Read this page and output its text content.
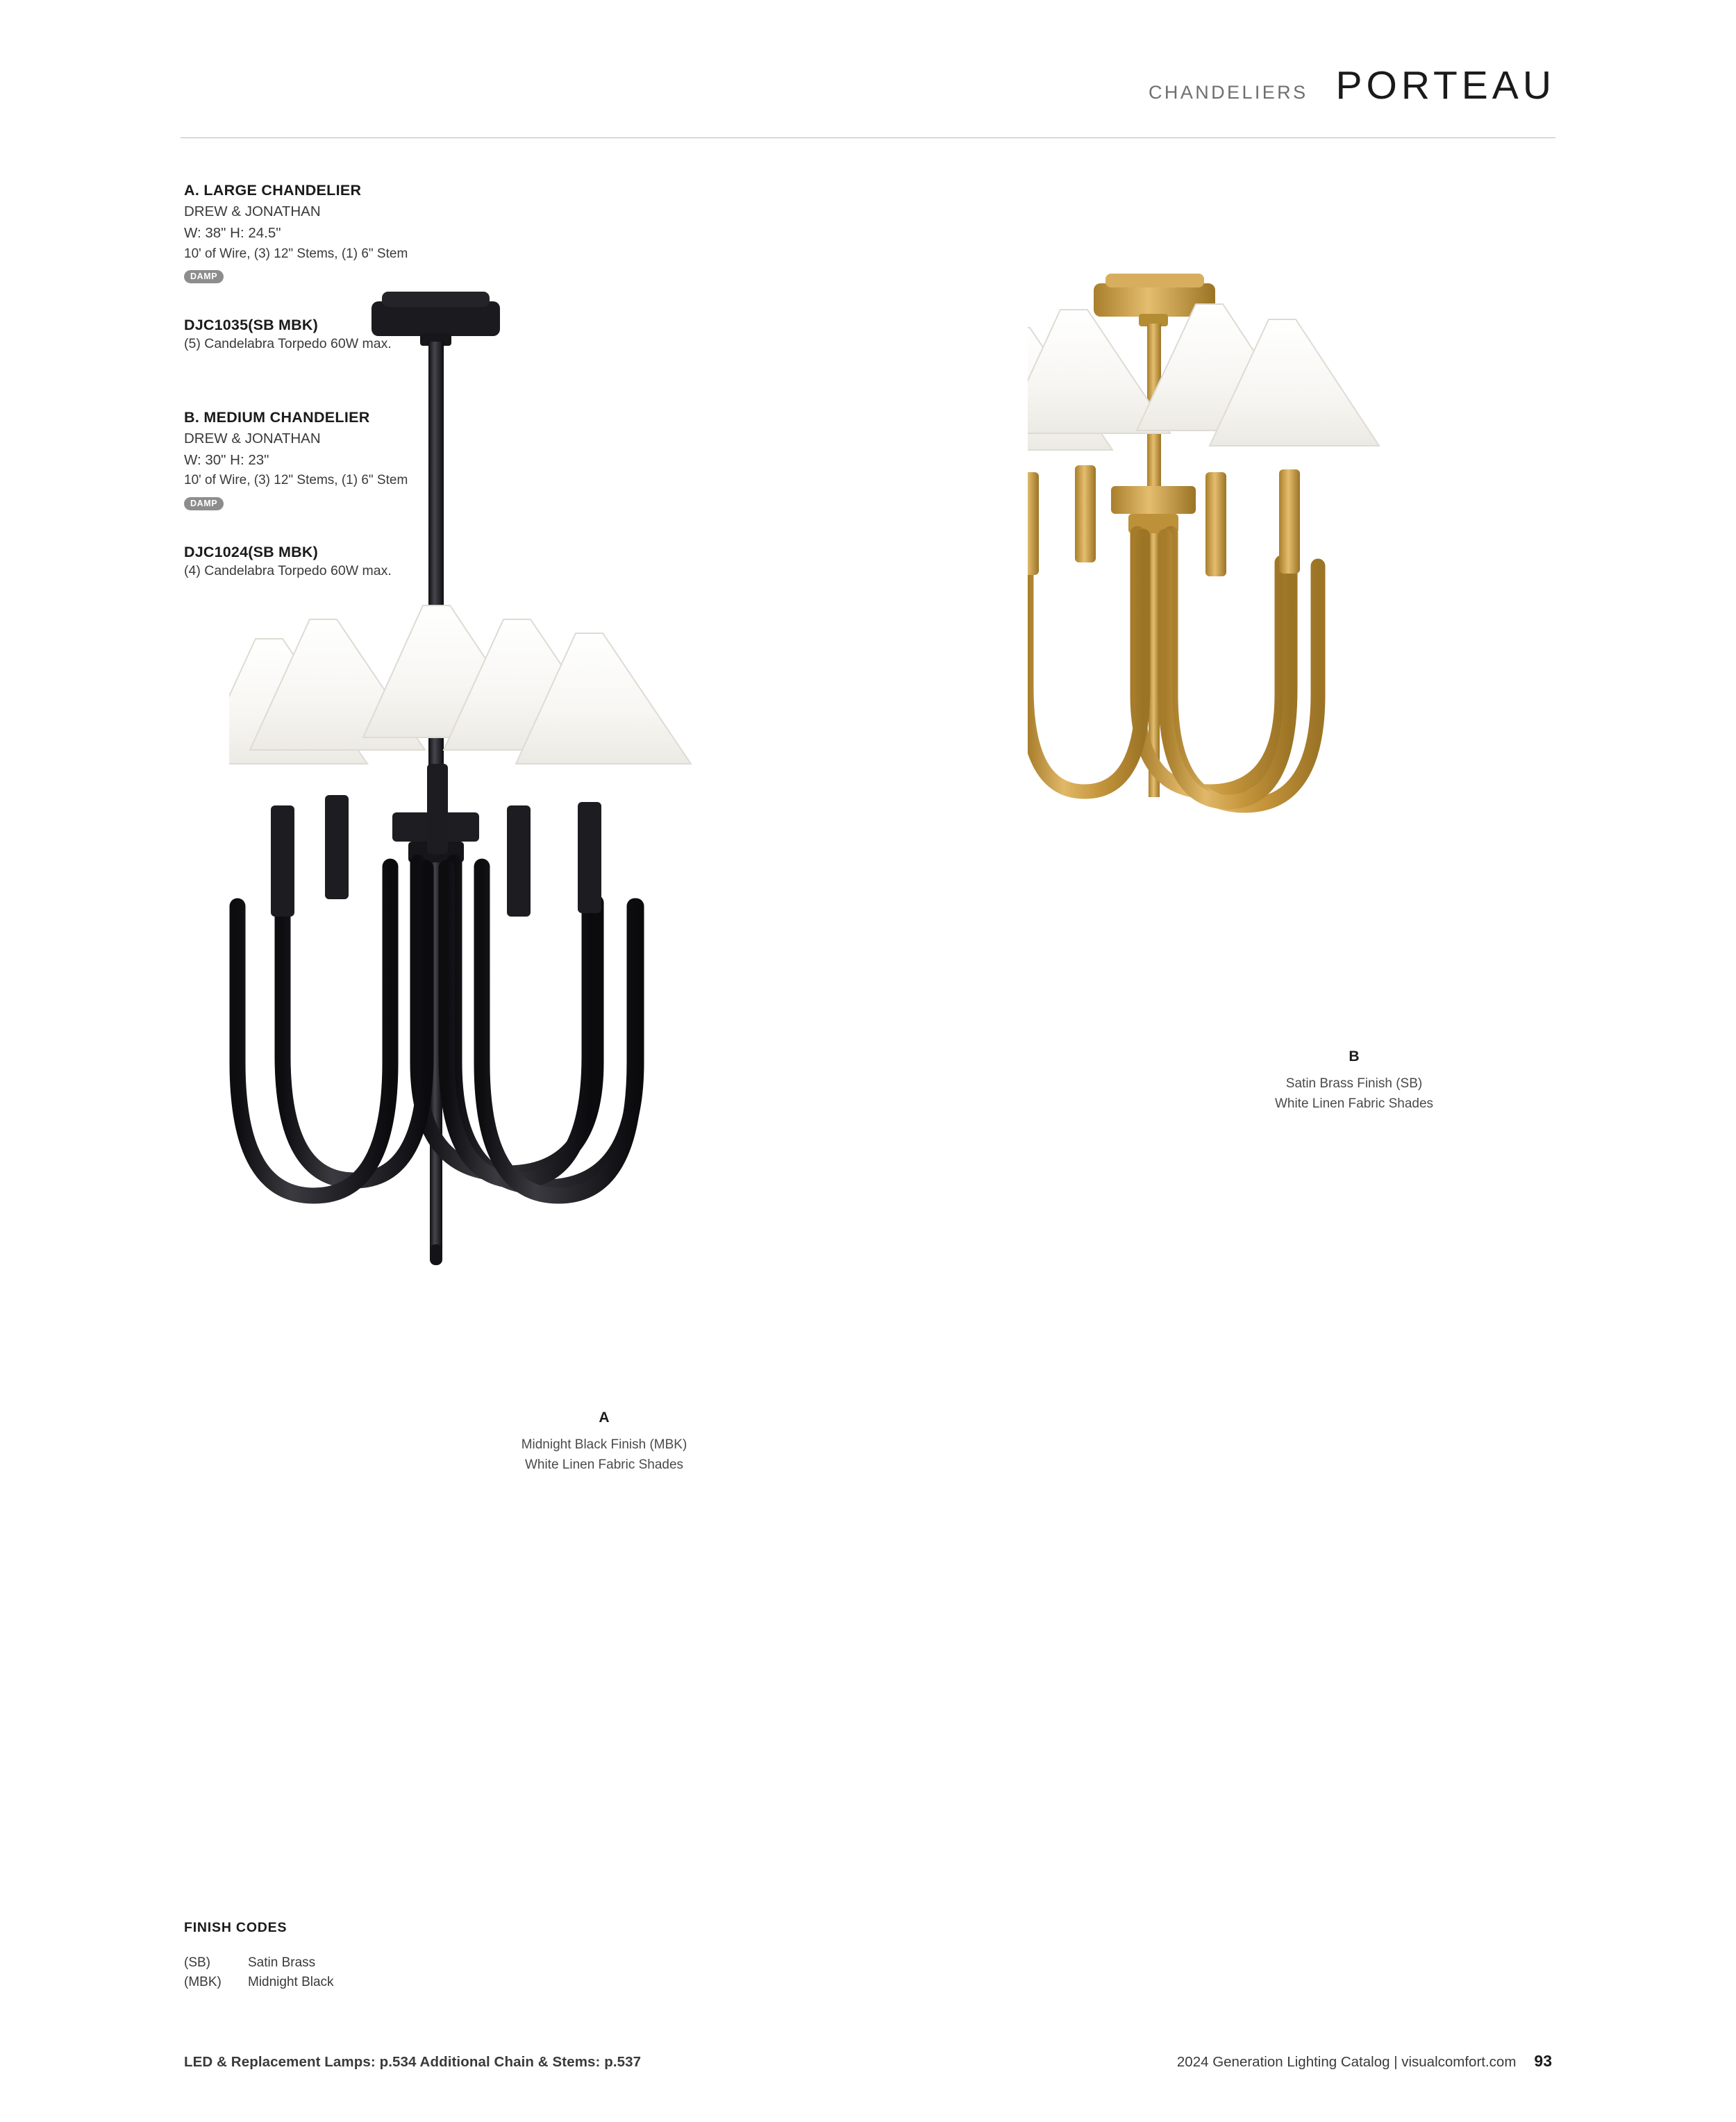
CHANDELIERS PORTEAU
A. LARGE CHANDELIER
DREW & JONATHAN
W: 38" H: 24.5"
10' of Wire, (3) 12" Stems, (1) 6" Stem
DAMP
DJC1035(SB MBK)
(5) Candelabra Torpedo 60W max.
B. MEDIUM CHANDELIER
DREW & JONATHAN
W: 30" H: 23"
10' of Wire, (3) 12" Stems, (1) 6" Stem
DAMP
DJC1024(SB MBK)
(4) Candelabra Torpedo 60W max.
A
Midnight Black Finish (MBK)
White Linen Fabric Shades
B
Satin Brass Finish (SB)
White Linen Fabric Shades
FINISH CODES
(SB)	Satin Brass
(MBK)	Midnight Black
LED & Replacement Lamps: p.534 Additional Chain & Stems: p.537	2024 Generation Lighting Catalog | visualcomfort.com 93
